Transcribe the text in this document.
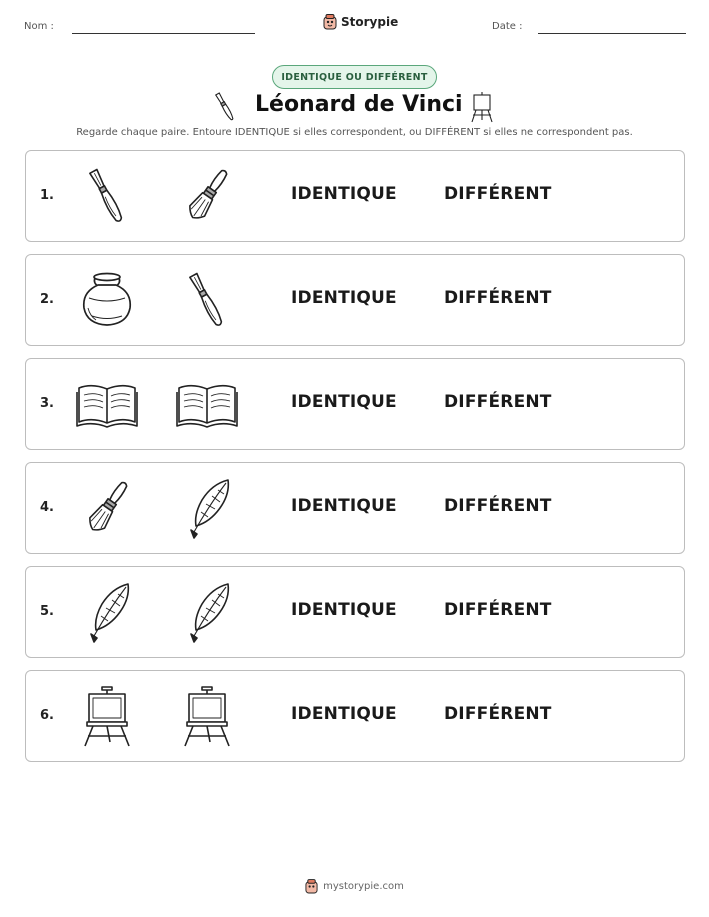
Nom :	Date :
Storypie
IDENTIQUE OU DIFFÉRENT
Léonard de Vinci
Regarde chaque paire. Entoure IDENTIQUE si elles correspondent, ou DIFFÉRENT si elles ne correspondent pas.
1.	IDENTIQUE	DIFFÉRENT
2.	IDENTIQUE	DIFFÉRENT
3.	IDENTIQUE	DIFFÉRENT
4.	IDENTIQUE	DIFFÉRENT
5.	IDENTIQUE	DIFFÉRENT
6.	IDENTIQUE	DIFFÉRENT
mystorypie.com
